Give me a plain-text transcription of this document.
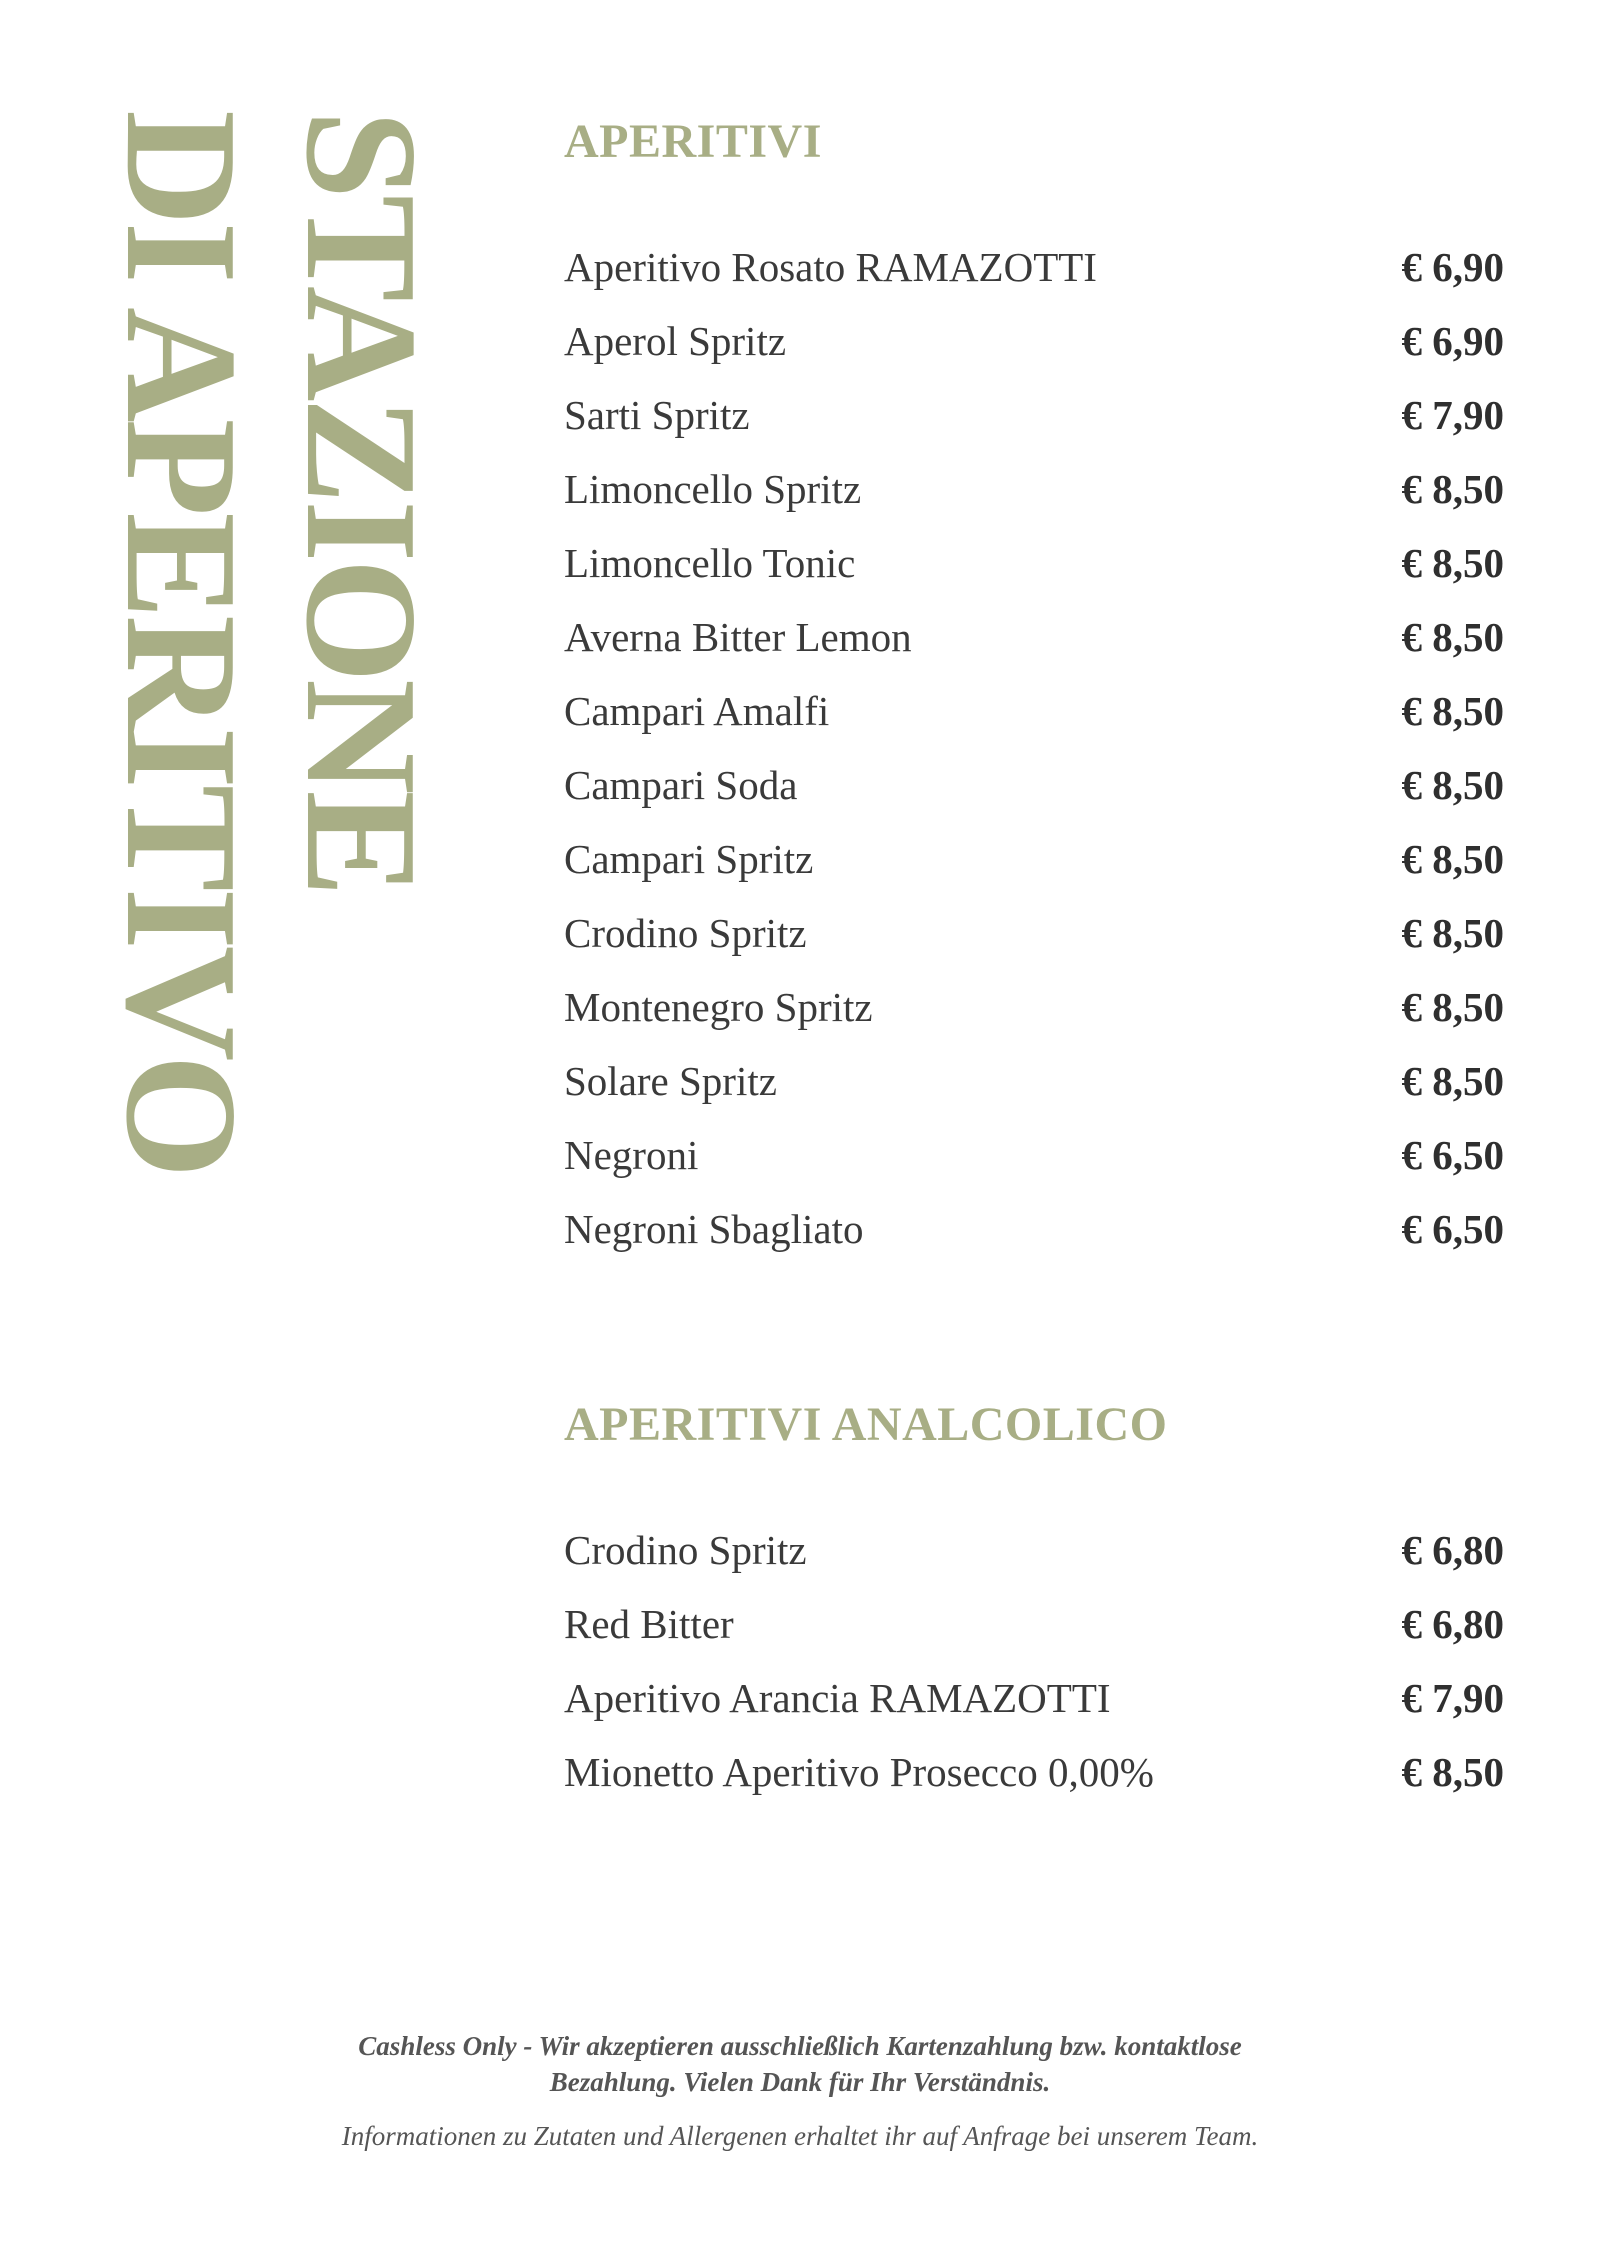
STAZIONE
DI APERITIVO	APERITIVI
Aperitivo Rosato RAMAZOTTI	€ 6,90
Aperol Spritz	€ 6,90
Sarti Spritz	€ 7,90
Limoncello Spritz	€ 8,50
Limoncello Tonic	€ 8,50
Averna Bitter Lemon	€ 8,50
Campari Amalfi	€ 8,50
Campari Soda	€ 8,50
Campari Spritz	€ 8,50
Crodino Spritz	€ 8,50
Montenegro Spritz	€ 8,50
Solare Spritz	€ 8,50
Negroni	€ 6,50
Negroni Sbagliato	€ 6,50
APERITIVI ANALCOLICO
Crodino Spritz	€ 6,80
Red Bitter	€ 6,80
Aperitivo Arancia RAMAZOTTI	€ 7,90
Mionetto Aperitivo Prosecco 0,00%	€ 8,50
Cashless Only - Wir akzeptieren ausschließlich Kartenzahlung bzw. kontaktlose
Bezahlung. Vielen Dank für Ihr Verständnis.
Informationen zu Zutaten und Allergenen erhaltet ihr auf Anfrage bei unserem Team.
